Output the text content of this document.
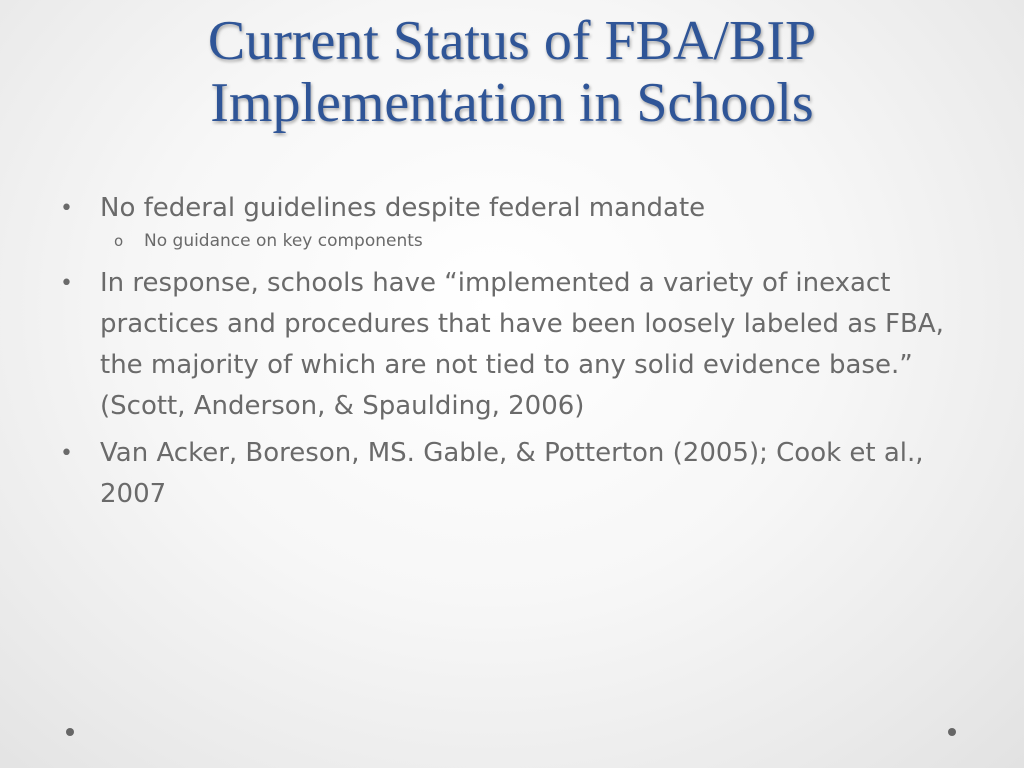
Current Status of FBA/BIP
Implementation in Schools
• No federal guidelines despite federal mandate
o No guidance on key components
• In response, schools have “implemented a variety of inexact practices and procedures that have been loosely labeled as FBA, the majority of which are not tied to any solid evidence base.” (Scott, Anderson, & Spaulding, 2006)
• Van Acker, Boreson, MS. Gable, & Potterton (2005); Cook et al., 2007
